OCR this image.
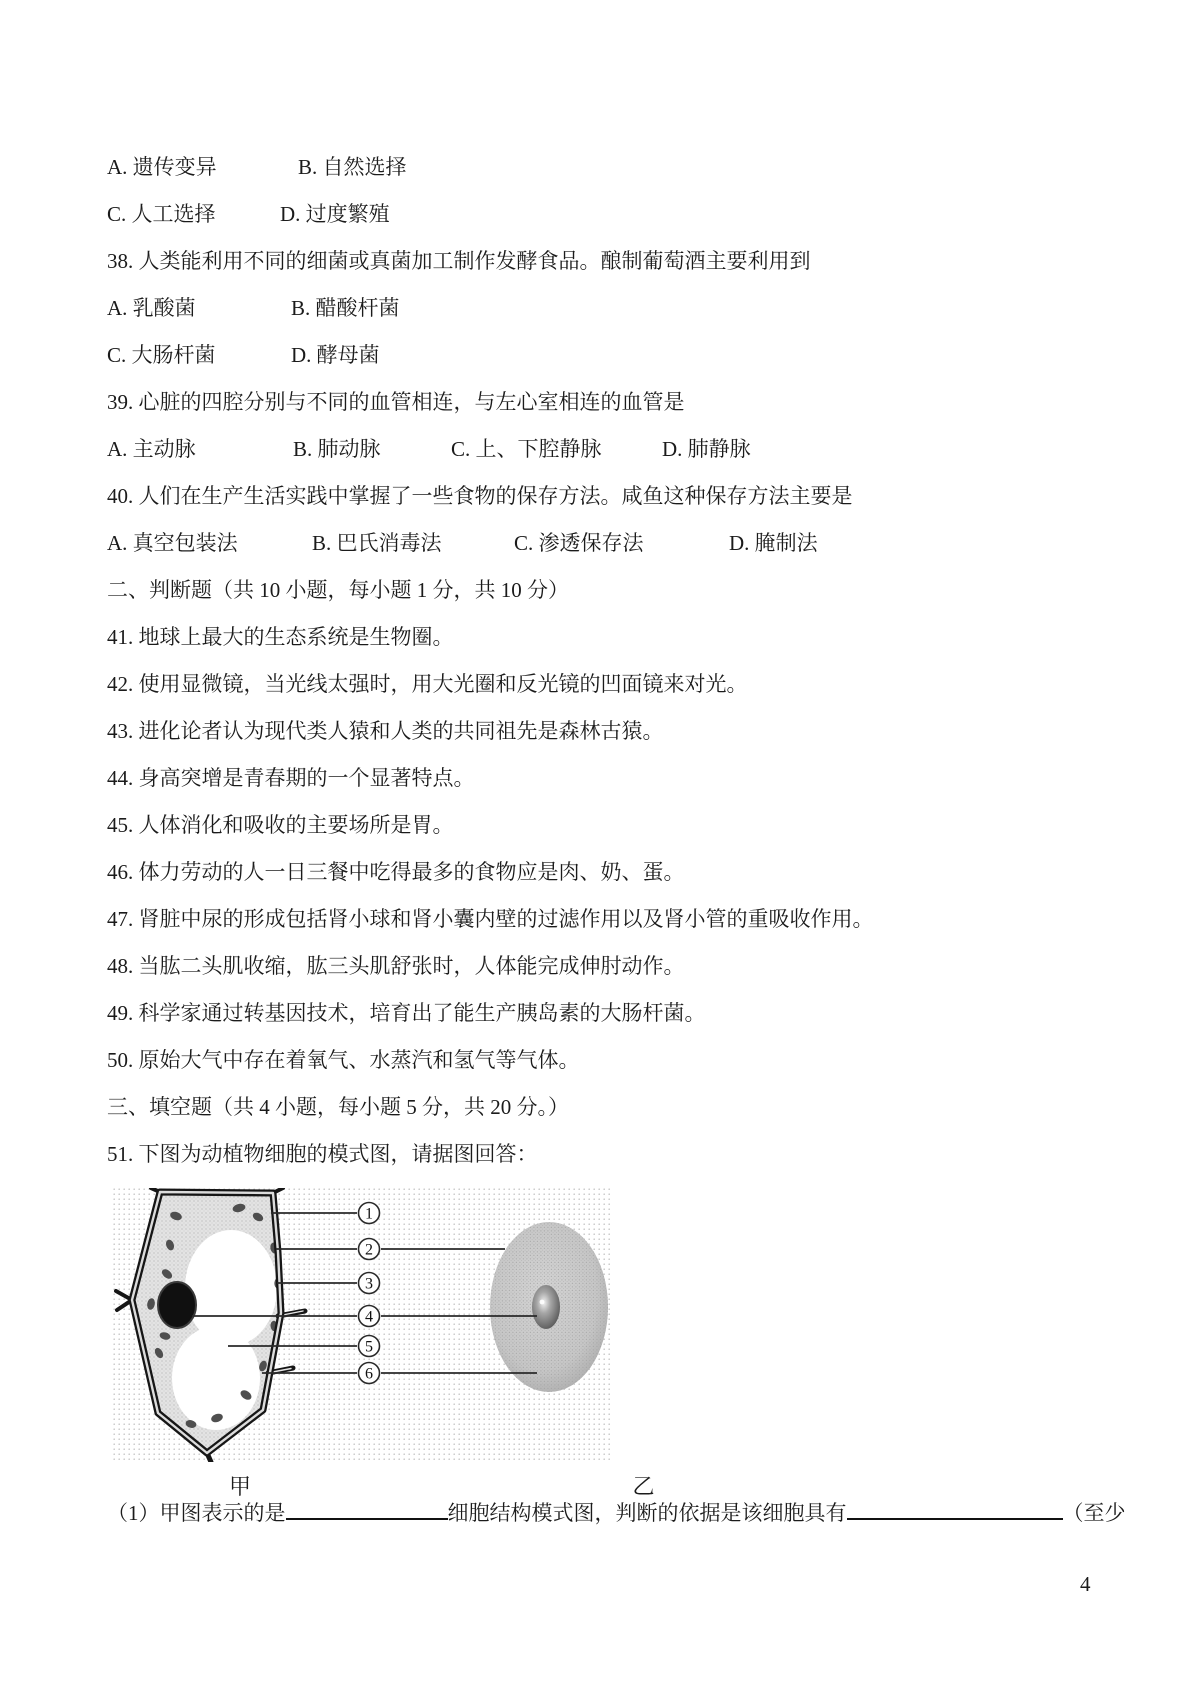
A. 遗传变异	B. 自然选择

C. 人工选择	D. 过度繁殖

38. 人类能利用不同的细菌或真菌加工制作发酵食品。酿制葡萄酒主要利用到

A. 乳酸菌	B. 醋酸杆菌

C. 大肠杆菌	D. 酵母菌

39. 心脏的四腔分别与不同的血管相连，与左心室相连的血管是

A. 主动脉	B. 肺动脉	C. 上、下腔静脉	D. 肺静脉

40. 人们在生产生活实践中掌握了一些食物的保存方法。咸鱼这种保存方法主要是

A. 真空包装法	B. 巴氏消毒法	C. 渗透保存法	D. 腌制法

二、判断题（共 10 小题，每小题 1 分，共 10 分）

41. 地球上最大的生态系统是生物圈。

42. 使用显微镜，当光线太强时，用大光圈和反光镜的凹面镜来对光。

43. 进化论者认为现代类人猿和人类的共同祖先是森林古猿。

44. 身高突增是青春期的一个显著特点。

45. 人体消化和吸收的主要场所是胃。

46. 体力劳动的人一日三餐中吃得最多的食物应是肉、奶、蛋。

47. 肾脏中尿的形成包括肾小球和肾小囊内壁的过滤作用以及肾小管的重吸收作用。

48. 当肱二头肌收缩，肱三头肌舒张时，人体能完成伸肘动作。

49. 科学家通过转基因技术，培育出了能生产胰岛素的大肠杆菌。

50. 原始大气中存在着氧气、水蒸汽和氢气等气体。

三、填空题（共 4 小题，每小题 5 分，共 20 分。）

51. 下图为动植物细胞的模式图，请据图回答：

1
2
3
4
5
6
甲	乙

（1）甲图表示的是	细胞结构模式图，判断的依据是该细胞具有	（至少

4
